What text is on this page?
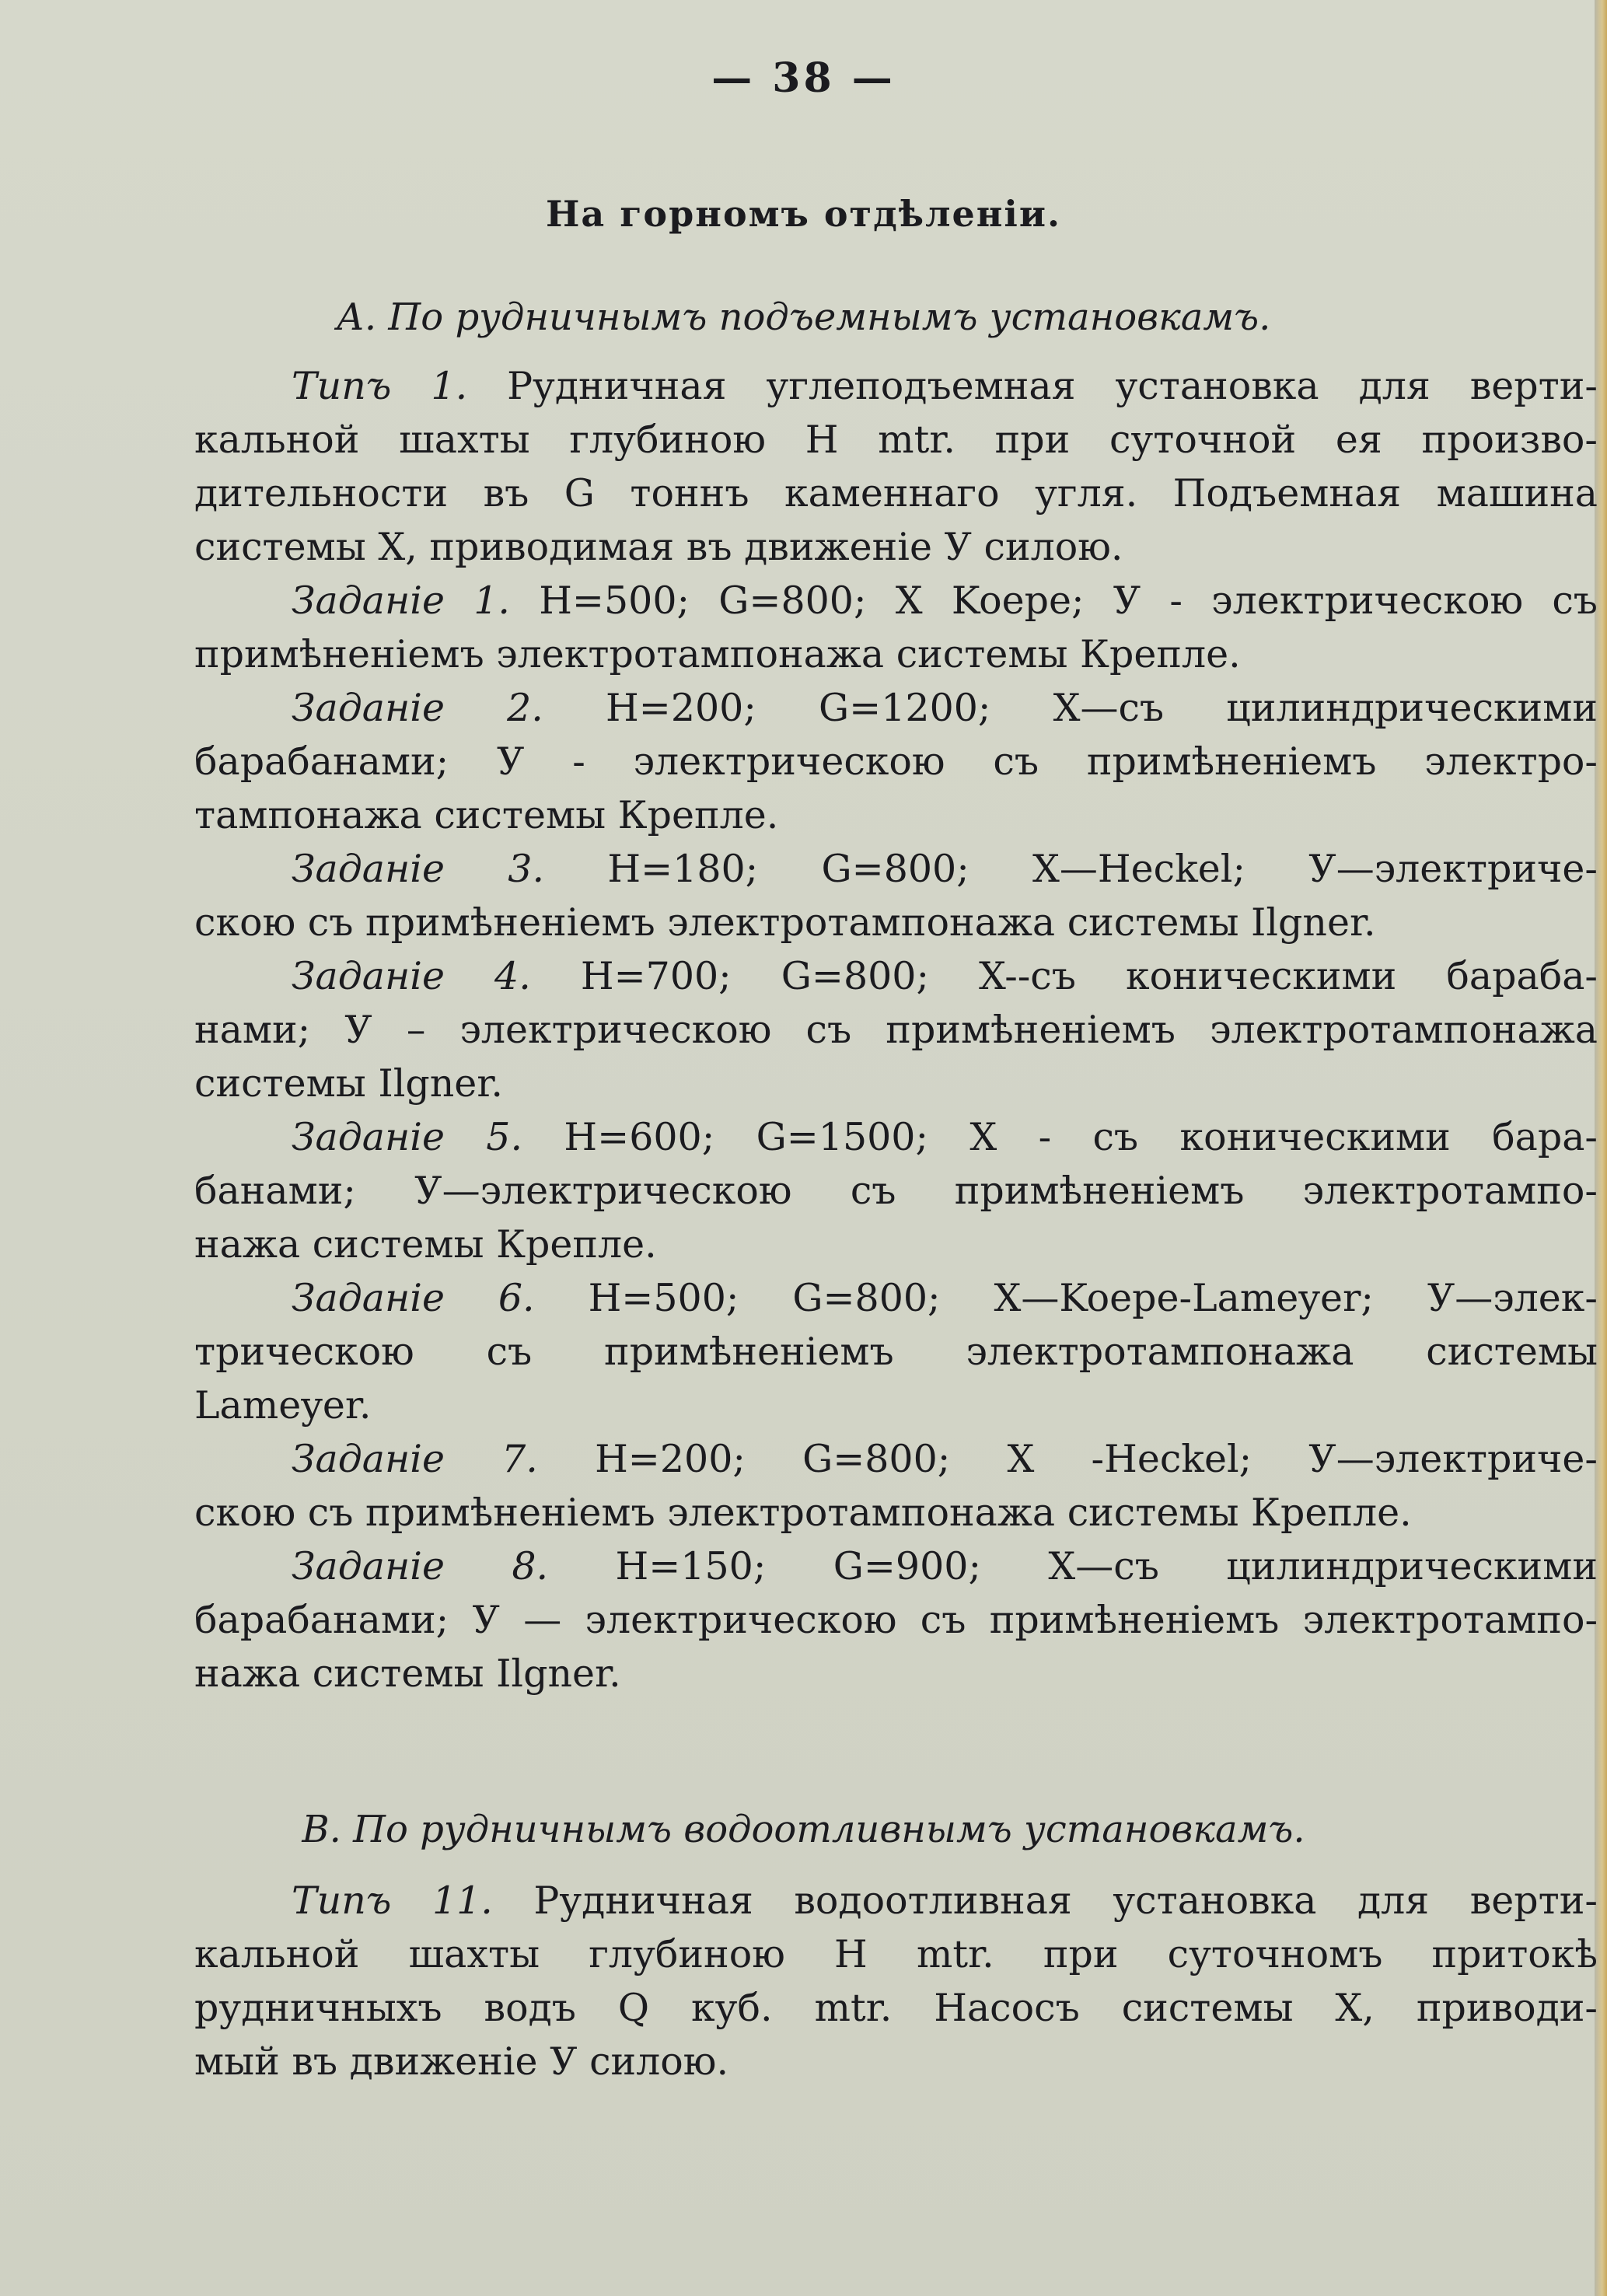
— 38 —
На горномъ отдѣленіи.
А. По рудничнымъ подъемнымъ установкамъ.
Типъ 1. Рудничная углеподъемная установка для верти-
кальной шахты глубиною H mtr. при суточной ея произво-
дительности въ G тоннъ каменнаго угля. Подъемная машина
системы X, приводимая въ движенiе У силою.
Заданiе 1. H=500; G=800; X Koepe; У - электрическою съ
примѣненiемъ электротампонажа системы Крепле.
Заданiе 2. H=200; G=1200; X—съ цилиндрическими
барабанами; У - электрическою съ примѣненiемъ электро-
тампонажа системы Крепле.
Заданiе 3. H=180; G=800; X—Heckel; У—электриче-
скою съ примѣненiемъ электротампонажа системы Ilgner.
Заданiе 4. H=700; G=800; X--съ коническими бараба-
нами; У – электрическою съ примѣненiемъ электротампонажа
системы Ilgner.
Заданiе 5. H=600; G=1500; X - съ коническими бара-
банами; У—электрическою съ примѣненiемъ электротампо-
нажа системы Крепле.
Заданiе 6. H=500; G=800; X—Koepe-Lameyer; У—элек-
трическою съ примѣненiемъ электротампонажа системы
Lameyer.
Заданiе 7. H=200; G=800; X -Heckel; У—электриче-
скою съ примѣненiемъ электротампонажа системы Крепле.
Заданiе 8. H=150; G=900; X—съ цилиндрическими
барабанами; У — электрическою съ примѣненiемъ электротампо-
нажа системы Ilgner.
B. По рудничнымъ водоотливнымъ установкамъ.
Типъ 11. Рудничная водоотливная установка для верти-
кальной шахты глубиною H mtr. при суточномъ притокѣ
рудничныхъ водъ Q куб. mtr. Насосъ системы X, приводи-
мый въ движенiе У силою.
